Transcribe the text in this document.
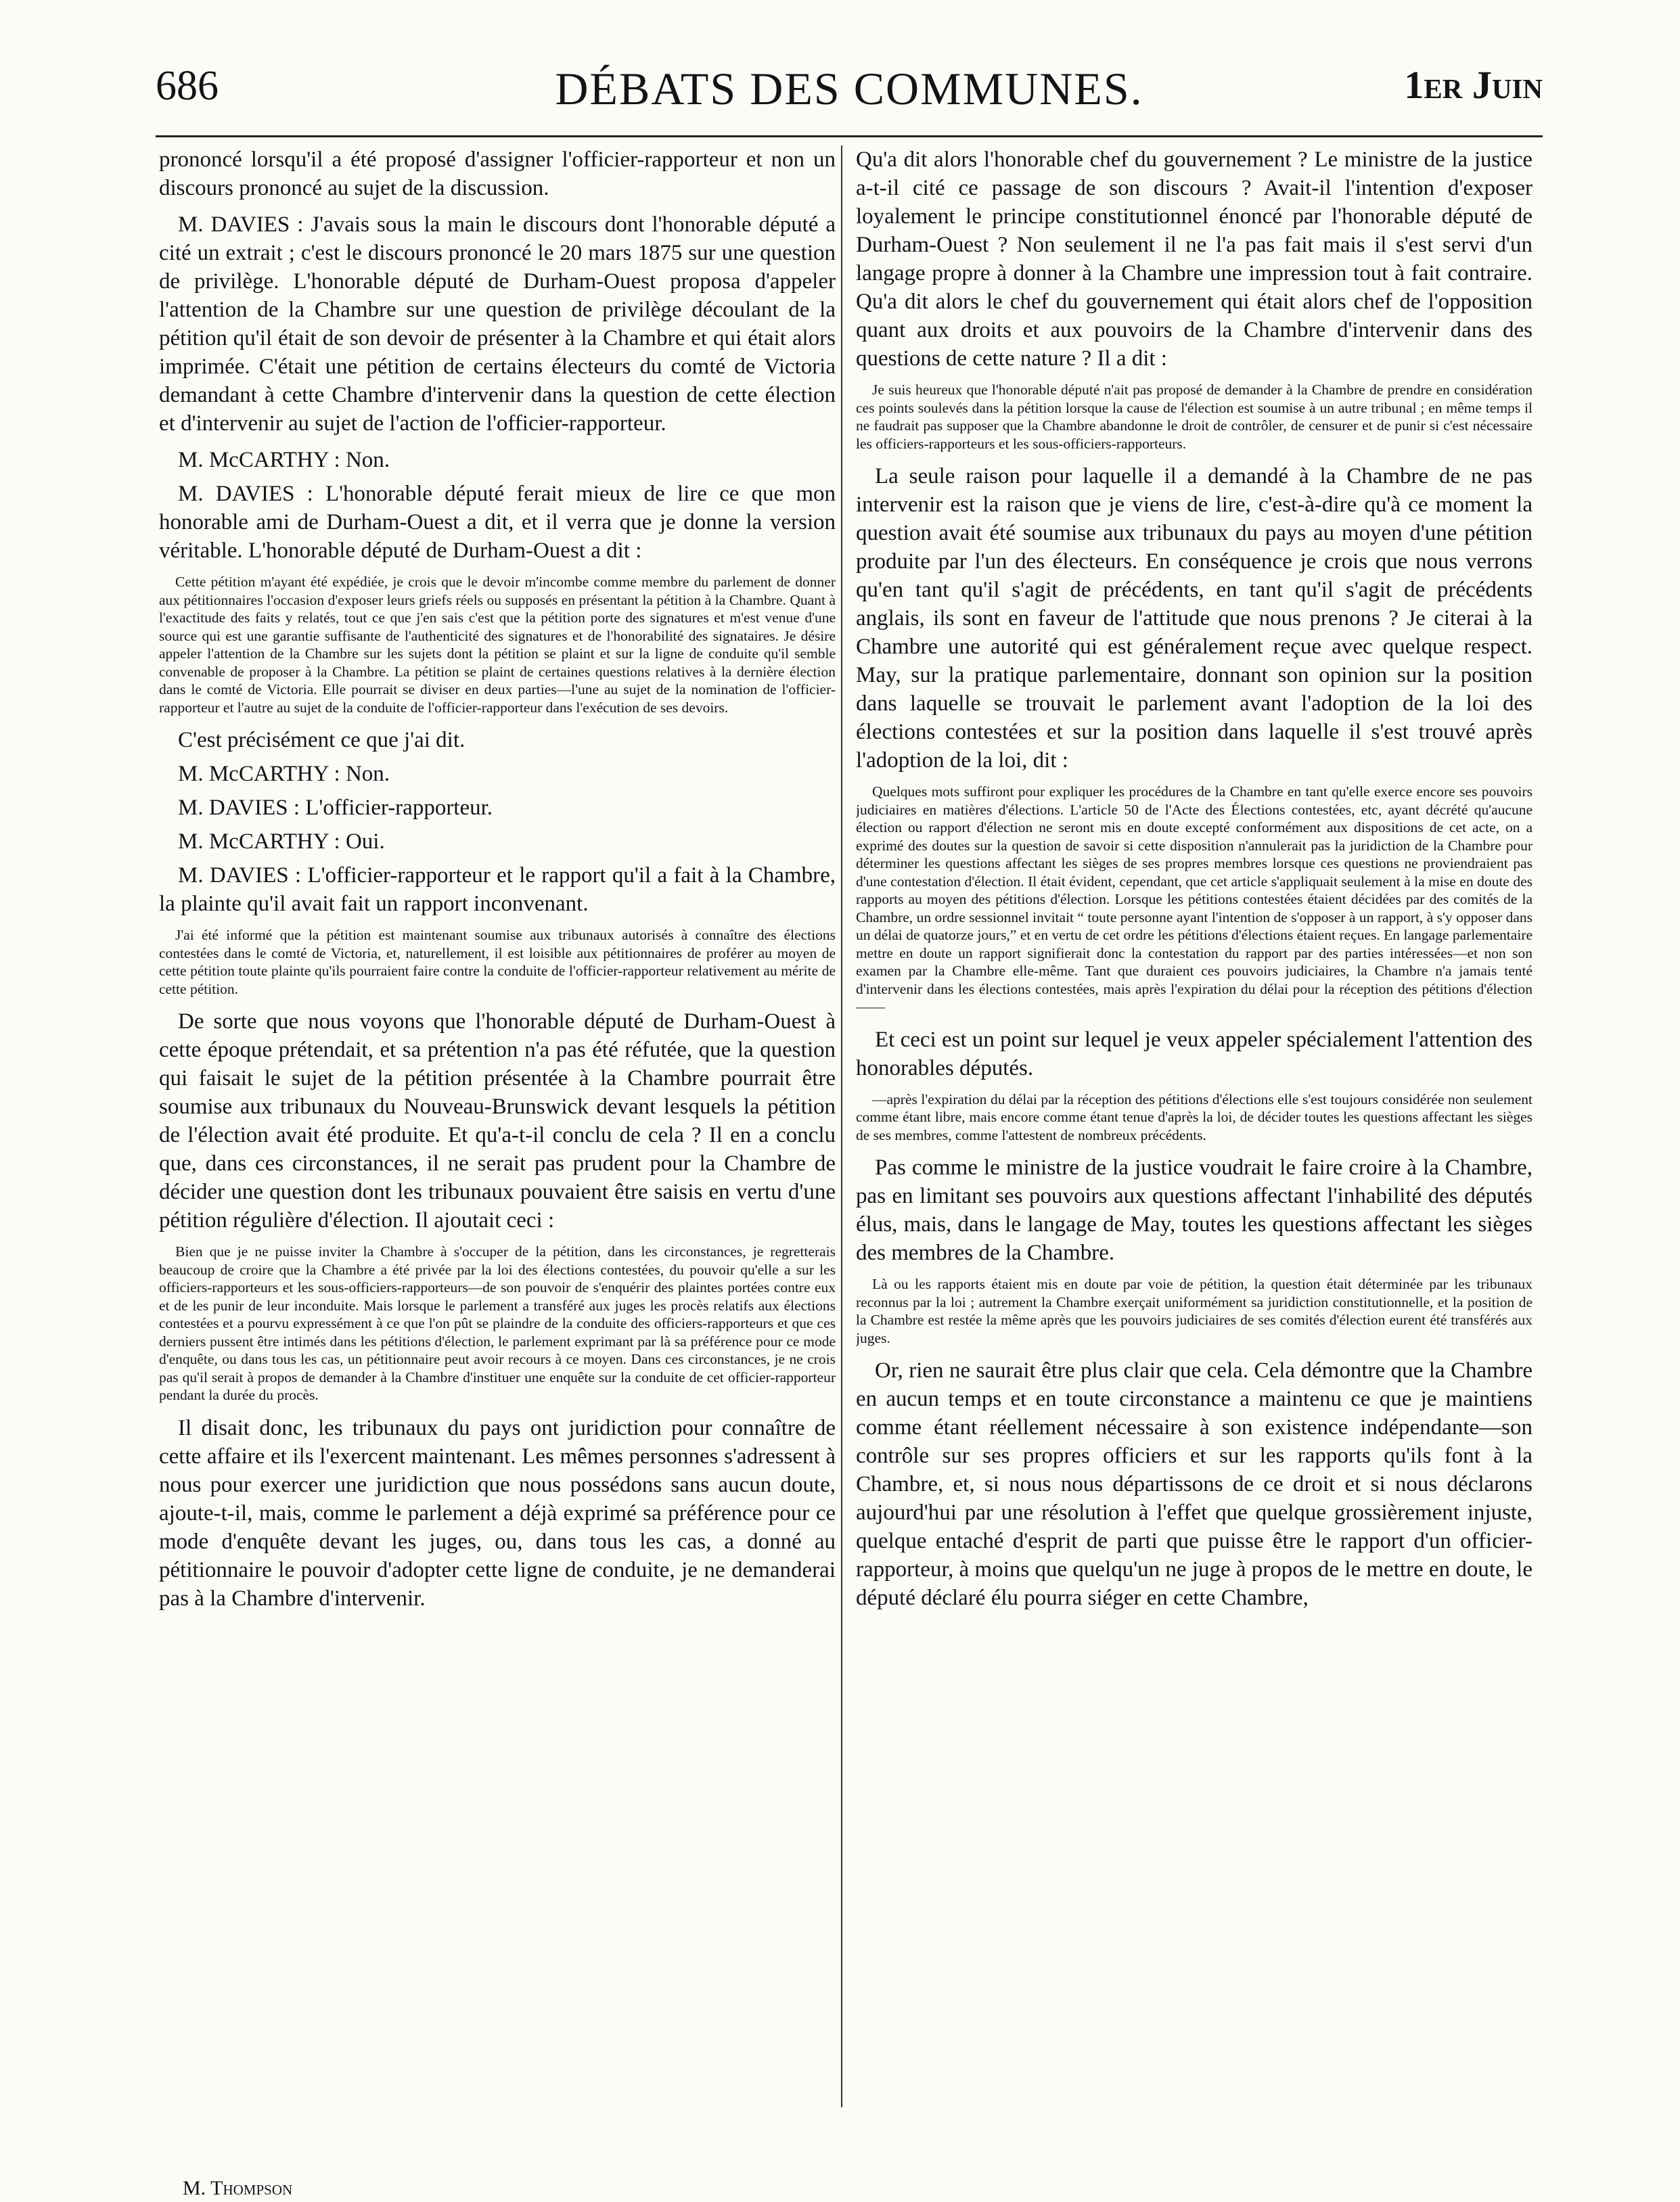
686	DÉBATS DES COMMUNES.	1er Juin

prononcé lorsqu'il a été proposé d'assigner l'officier-rapporteur et non un discours prononcé au sujet de la discussion.

M. DAVIES : J'avais sous la main le discours dont l'honorable député a cité un extrait ; c'est le discours prononcé le 20 mars 1875 sur une question de privilège. L'honorable député de Durham-Ouest proposa d'appeler l'attention de la Chambre sur une question de privilège découlant de la pétition qu'il était de son devoir de présenter à la Chambre et qui était alors imprimée. C'était une pétition de certains électeurs du comté de Victoria demandant à cette Chambre d'intervenir dans la question de cette élection et d'intervenir au sujet de l'action de l'officier-rapporteur.

M. McCARTHY : Non.

M. DAVIES : L'honorable député ferait mieux de lire ce que mon honorable ami de Durham-Ouest a dit, et il verra que je donne la version véritable. L'honorable député de Durham-Ouest a dit :

Cette pétition m'ayant été expédiée, je crois que le devoir m'incombe comme membre du parlement de donner aux pétitionnaires l'occasion d'exposer leurs griefs réels ou supposés en présentant la pétition à la Chambre. Quant à l'exactitude des faits y relatés, tout ce que j'en sais c'est que la pétition porte des signatures et m'est venue d'une source qui est une garantie suffisante de l'authenticité des signatures et de l'honorabilité des signataires. Je désire appeler l'attention de la Chambre sur les sujets dont la pétition se plaint et sur la ligne de conduite qu'il semble convenable de proposer à la Chambre. La pétition se plaint de certaines questions relatives à la dernière élection dans le comté de Victoria. Elle pourrait se diviser en deux parties—l'une au sujet de la nomination de l'officier-rapporteur et l'autre au sujet de la conduite de l'officier-rapporteur dans l'exécution de ses devoirs.

C'est précisément ce que j'ai dit.

M. McCARTHY : Non.

M. DAVIES : L'officier-rapporteur.

M. McCARTHY : Oui.

M. DAVIES : L'officier-rapporteur et le rapport qu'il a fait à la Chambre, la plainte qu'il avait fait un rapport inconvenant.

J'ai été informé que la pétition est maintenant soumise aux tribunaux autorisés à connaître des élections contestées dans le comté de Victoria, et, naturellement, il est loisible aux pétitionnaires de proférer au moyen de cette pétition toute plainte qu'ils pourraient faire contre la conduite de l'officier-rapporteur relativement au mérite de cette pétition.

De sorte que nous voyons que l'honorable député de Durham-Ouest à cette époque prétendait, et sa prétention n'a pas été réfutée, que la question qui faisait le sujet de la pétition présentée à la Chambre pourrait être soumise aux tribunaux du Nouveau-Brunswick devant lesquels la pétition de l'élection avait été produite. Et qu'a-t-il conclu de cela ? Il en a conclu que, dans ces circonstances, il ne serait pas prudent pour la Chambre de décider une question dont les tribunaux pouvaient être saisis en vertu d'une pétition régulière d'élection. Il ajoutait ceci :

Bien que je ne puisse inviter la Chambre à s'occuper de la pétition, dans les circonstances, je regretterais beaucoup de croire que la Chambre a été privée par la loi des élections contestées, du pouvoir qu'elle a sur les officiers-rapporteurs et les sous-officiers-rapporteurs—de son pouvoir de s'enquérir des plaintes portées contre eux et de les punir de leur inconduite. Mais lorsque le parlement a transféré aux juges les procès relatifs aux élections contestées et a pourvu expressément à ce que l'on pût se plaindre de la conduite des officiers-rapporteurs et que ces derniers pussent être intimés dans les pétitions d'élection, le parlement exprimant par là sa préférence pour ce mode d'enquête, ou dans tous les cas, un pétitionnaire peut avoir recours à ce moyen. Dans ces circonstances, je ne crois pas qu'il serait à propos de demander à la Chambre d'instituer une enquête sur la conduite de cet officier-rapporteur pendant la durée du procès.

Il disait donc, les tribunaux du pays ont juridiction pour connaître de cette affaire et ils l'exercent maintenant. Les mêmes personnes s'adressent à nous pour exercer une juridiction que nous possédons sans aucun doute, ajoute-t-il, mais, comme le parlement a déjà exprimé sa préférence pour ce mode d'enquête devant les juges, ou, dans tous les cas, a donné au pétitionnaire le pouvoir d'adopter cette ligne de conduite, je ne demanderai pas à la Chambre d'intervenir.

Qu'a dit alors l'honorable chef du gouvernement ? Le ministre de la justice a-t-il cité ce passage de son discours ? Avait-il l'intention d'exposer loyalement le principe constitutionnel énoncé par l'honorable député de Durham-Ouest ? Non seulement il ne l'a pas fait mais il s'est servi d'un langage propre à donner à la Chambre une impression tout à fait contraire. Qu'a dit alors le chef du gouvernement qui était alors chef de l'opposition quant aux droits et aux pouvoirs de la Chambre d'intervenir dans des questions de cette nature ? Il a dit :

Je suis heureux que l'honorable député n'ait pas proposé de demander à la Chambre de prendre en considération ces points soulevés dans la pétition lorsque la cause de l'élection est soumise à un autre tribunal ; en même temps il ne faudrait pas supposer que la Chambre abandonne le droit de contrôler, de censurer et de punir si c'est nécessaire les officiers-rapporteurs et les sous-officiers-rapporteurs.

La seule raison pour laquelle il a demandé à la Chambre de ne pas intervenir est la raison que je viens de lire, c'est-à-dire qu'à ce moment la question avait été soumise aux tribunaux du pays au moyen d'une pétition produite par l'un des électeurs. En conséquence je crois que nous verrons qu'en tant qu'il s'agit de précédents, en tant qu'il s'agit de précédents anglais, ils sont en faveur de l'attitude que nous prenons ? Je citerai à la Chambre une autorité qui est généralement reçue avec quelque respect. May, sur la pratique parlementaire, donnant son opinion sur la position dans laquelle se trouvait le parlement avant l'adoption de la loi des élections contestées et sur la position dans laquelle il s'est trouvé après l'adoption de la loi, dit :

Quelques mots suffiront pour expliquer les procédures de la Chambre en tant qu'elle exerce encore ses pouvoirs judiciaires en matières d'élections. L'article 50 de l'Acte des Élections contestées, etc, ayant décrété qu'aucune élection ou rapport d'élection ne seront mis en doute excepté conformément aux dispositions de cet acte, on a exprimé des doutes sur la question de savoir si cette disposition n'annulerait pas la juridiction de la Chambre pour déterminer les questions affectant les sièges de ses propres membres lorsque ces questions ne proviendraient pas d'une contestation d'élection. Il était évident, cependant, que cet article s'appliquait seulement à la mise en doute des rapports au moyen des pétitions d'élection. Lorsque les pétitions contestées étaient décidées par des comités de la Chambre, un ordre sessionnel invitait “ toute personne ayant l'intention de s'opposer à un rapport, à s'y opposer dans un délai de quatorze jours,” et en vertu de cet ordre les pétitions d'élections étaient reçues. En langage parlementaire mettre en doute un rapport signifierait donc la contestation du rapport par des parties intéressées—et non son examen par la Chambre elle-même. Tant que duraient ces pouvoirs judiciaires, la Chambre n'a jamais tenté d'intervenir dans les élections contestées, mais après l'expiration du délai pour la réception des pétitions d'élection——

Et ceci est un point sur lequel je veux appeler spécialement l'attention des honorables députés.

—après l'expiration du délai par la réception des pétitions d'élections elle s'est toujours considérée non seulement comme étant libre, mais encore comme étant tenue d'après la loi, de décider toutes les questions affectant les sièges de ses membres, comme l'attestent de nombreux précédents.

Pas comme le ministre de la justice voudrait le faire croire à la Chambre, pas en limitant ses pouvoirs aux questions affectant l'inhabilité des députés élus, mais, dans le langage de May, toutes les questions affectant les sièges des membres de la Chambre.

Là ou les rapports étaient mis en doute par voie de pétition, la question était déterminée par les tribunaux reconnus par la loi ; autrement la Chambre exerçait uniformément sa juridiction constitutionnelle, et la position de la Chambre est restée la même après que les pouvoirs judiciaires de ses comités d'élection eurent été transférés aux juges.

Or, rien ne saurait être plus clair que cela. Cela démontre que la Chambre en aucun temps et en toute circonstance a maintenu ce que je maintiens comme étant réellement nécessaire à son existence indépendante—son contrôle sur ses propres officiers et sur les rapports qu'ils font à la Chambre, et, si nous nous départissons de ce droit et si nous déclarons aujourd'hui par une résolution à l'effet que quelque grossièrement injuste, quelque entaché d'esprit de parti que puisse être le rapport d'un officier-rapporteur, à moins que quelqu'un ne juge à propos de le mettre en doute, le député déclaré élu pourra siéger en cette Chambre,

M. Thompson
